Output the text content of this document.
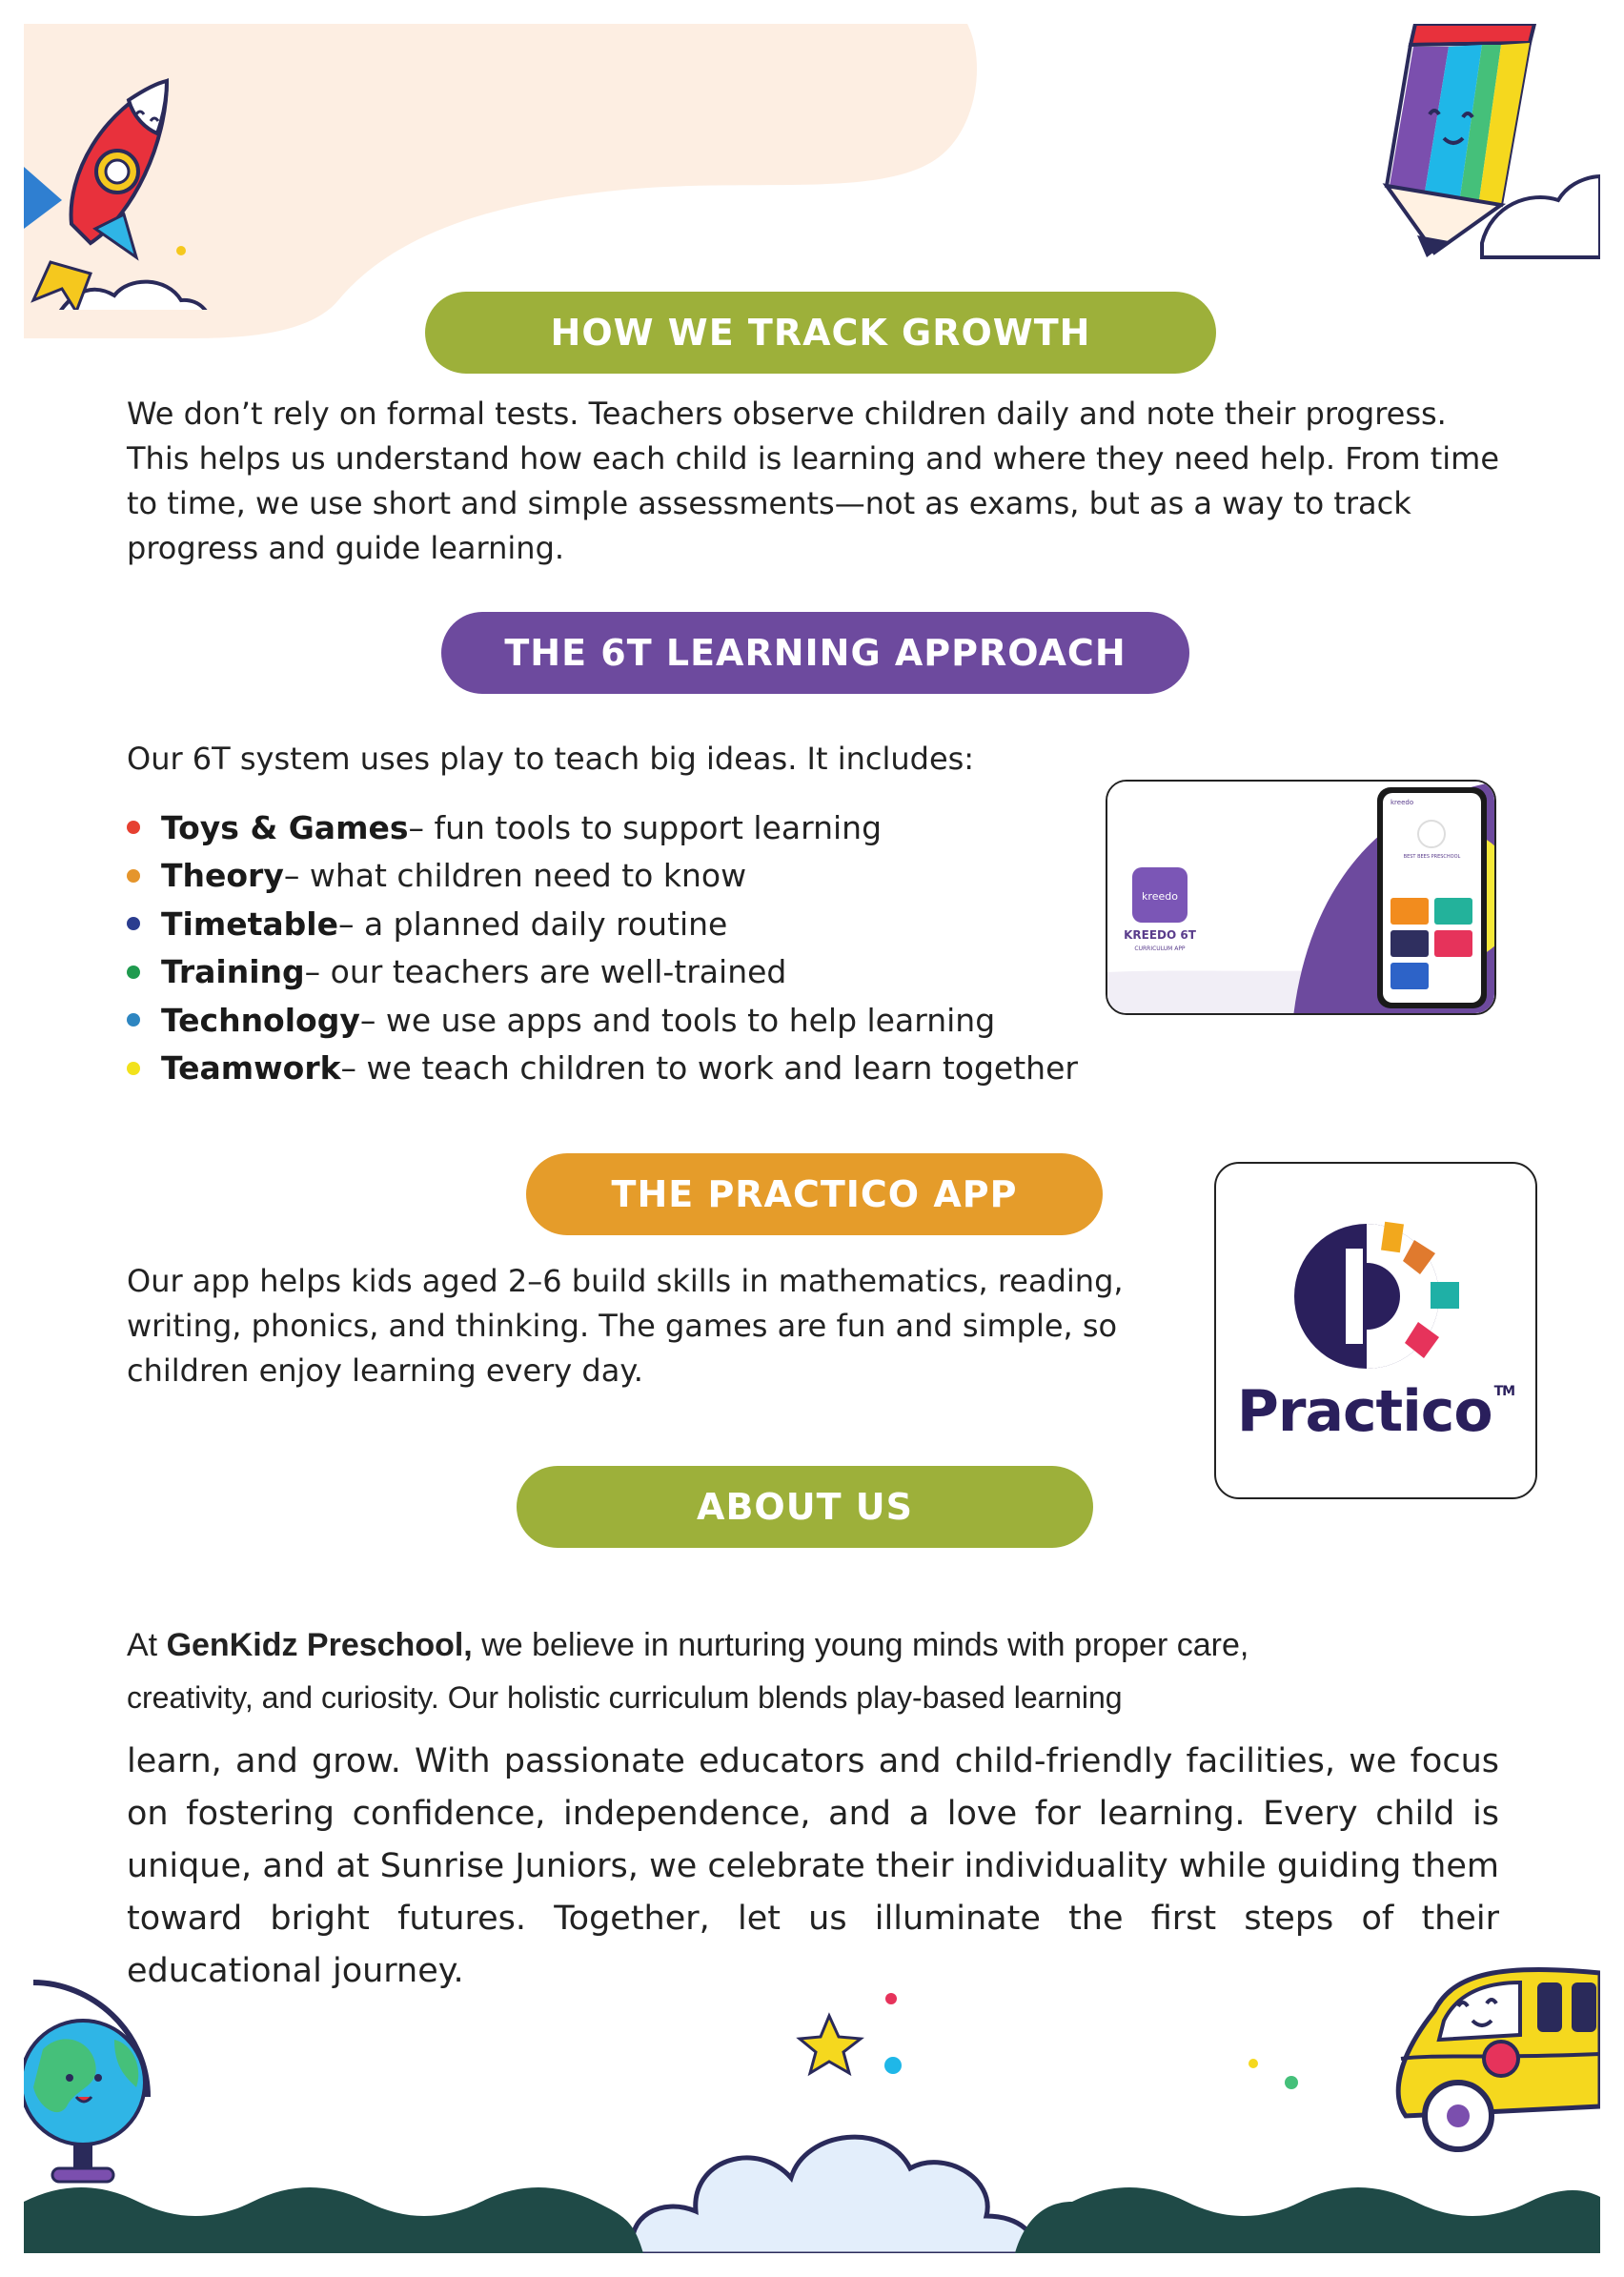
HOW WE TRACK GROWTH
We don’t rely on formal tests. Teachers observe children daily and note their progress. This helps us understand how each child is learning and where they need help. From time to time, we use short and simple assessments—not as exams, but as a way to track progress and guide learning.
THE 6T LEARNING APPROACH
Our 6T system uses play to teach big ideas. It includes:
Toys & Games – fun tools to support learning
Theory – what children need to know
Timetable – a planned daily routine
Training – our teachers are well-trained
Technology – we use apps and tools to help learning
Teamwork – we teach children to work and learn together
kreedo
KREEDO 6T
CURRICULUM APP
kreedo
BEST BEES PRESCHOOL
THE PRACTICO APP
Our app helps kids aged 2–6 build skills in mathematics, reading, writing, phonics, and thinking. The games are fun and simple, so children enjoy learning every day.
Practico ™
ABOUT US
At GenKidz Preschool, we believe in nurturing young minds with proper care,
creativity, and curiosity. Our holistic curriculum blends play-based learning
learn, and grow. With passionate educators and child-friendly facilities, we focus on fostering confidence, independence, and a love for learning. Every child is unique, and at Sunrise Juniors, we celebrate their individuality while guiding them toward bright futures. Together, let us illuminate the first steps of their educational journey.
